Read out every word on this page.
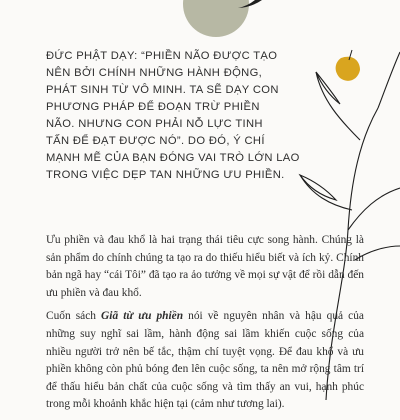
ĐỨC PHẬT DẠY: “PHIỀN NÃO ĐƯỢC TẠO
NÊN BỞI CHÍNH NHỮNG HÀNH ĐỘNG,
PHÁT SINH TỪ VÔ MINH. TA SẼ DẠY CON
PHƯƠNG PHÁP ĐỂ ĐOẠN TRỪ PHIỀN
NÃO. NHƯNG CON PHẢI NỖ LỰC TINH
TẤN ĐỂ ĐẠT ĐƯỢC NÓ”. DO ĐÓ, Ý CHÍ
MẠNH MẼ CỦA BẠN ĐÓNG VAI TRÒ LỚN LAO
TRONG VIỆC DẸP TAN NHỮNG ƯU PHIỀN.

Ưu phiền và đau khổ là hai trạng thái tiêu cực song hành. Chúng là sản phẩm do chính chúng ta tạo ra do thiếu hiểu biết và ích kỷ. Chính bản ngã hay “cái Tôi” đã tạo ra ảo tưởng về mọi sự vật để rồi dẫn đến ưu phiền và đau khổ.

Cuốn sách Giã từ ưu phiền nói về nguyên nhân và hậu quả của những suy nghĩ sai lầm, hành động sai lầm khiến cuộc sống của nhiều người trở nên bế tắc, thậm chí tuyệt vọng. Để đau khổ và ưu phiền không còn phủ bóng đen lên cuộc sống, ta nên mở rộng tâm trí để thấu hiểu bản chất của cuộc sống và tìm thấy an vui, hạnh phúc trong mỗi khoảnh khắc hiện tại (cảm như tương lai).
